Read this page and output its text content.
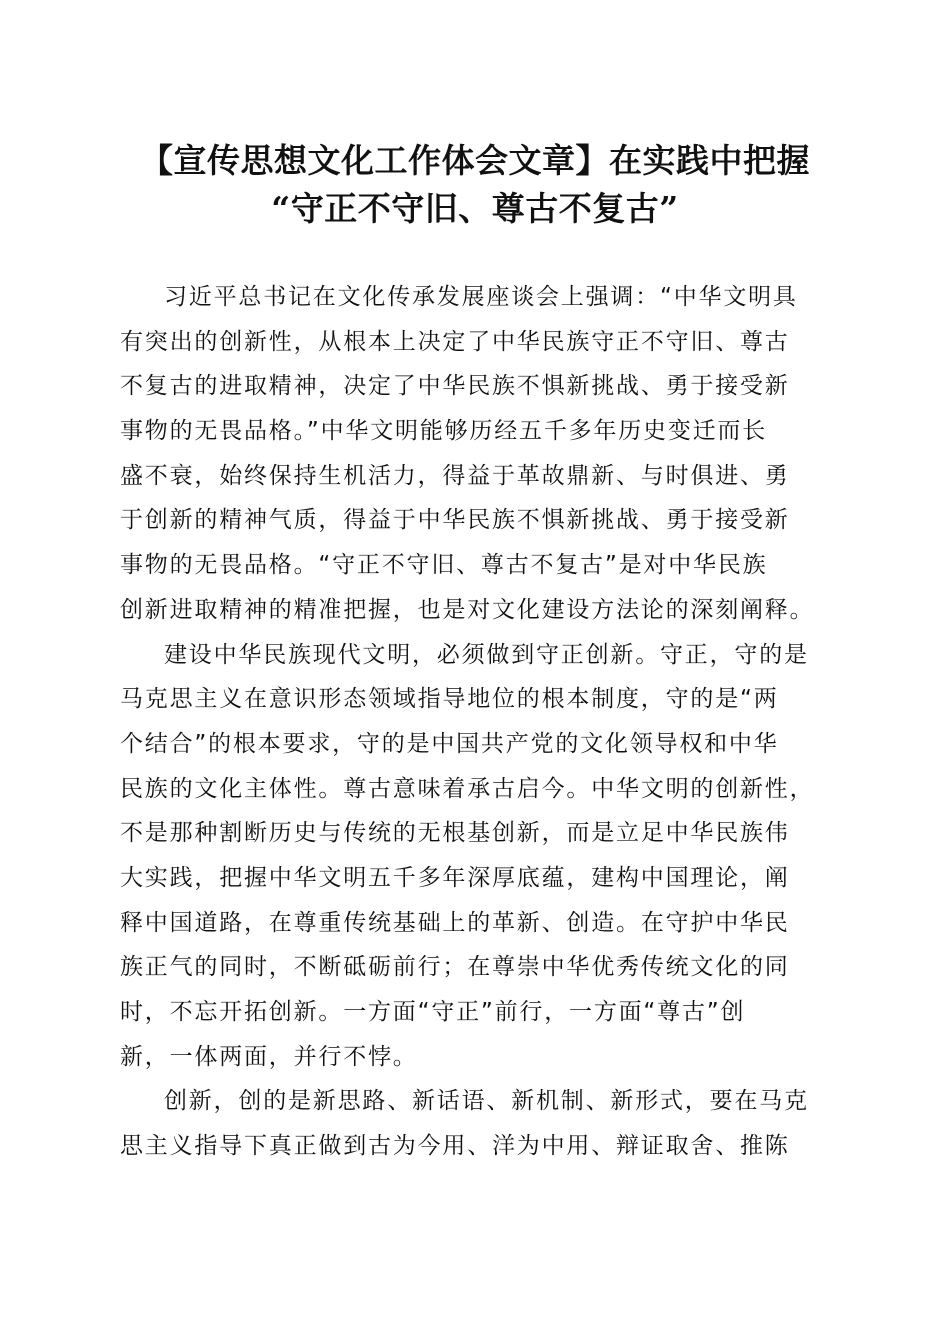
【宣传思想文化工作体会文章】在实践中把握
“守正不守旧、尊古不复古”
习近平总书记在文化传承发展座谈会上强调：“中华文明具
有突出的创新性，从根本上决定了中华民族守正不守旧、尊古
不复古的进取精神，决定了中华民族不惧新挑战、勇于接受新
事物的无畏品格。”中华文明能够历经五千多年历史变迁而长
盛不衰，始终保持生机活力，得益于革故鼎新、与时俱进、勇
于创新的精神气质，得益于中华民族不惧新挑战、勇于接受新
事物的无畏品格。“守正不守旧、尊古不复古”是对中华民族
创新进取精神的精准把握，也是对文化建设方法论的深刻阐释。
建设中华民族现代文明，必须做到守正创新。守正，守的是
马克思主义在意识形态领域指导地位的根本制度，守的是“两
个结合”的根本要求，守的是中国共产党的文化领导权和中华
民族的文化主体性。尊古意味着承古启今。中华文明的创新性，
不是那种割断历史与传统的无根基创新，而是立足中华民族伟
大实践，把握中华文明五千多年深厚底蕴，建构中国理论，阐
释中国道路，在尊重传统基础上的革新、创造。在守护中华民
族正气的同时，不断砥砺前行；在尊崇中华优秀传统文化的同
时，不忘开拓创新。一方面“守正”前行，一方面“尊古”创
新，一体两面，并行不悖。
创新，创的是新思路、新话语、新机制、新形式，要在马克
思主义指导下真正做到古为今用、洋为中用、辩证取舍、推陈
